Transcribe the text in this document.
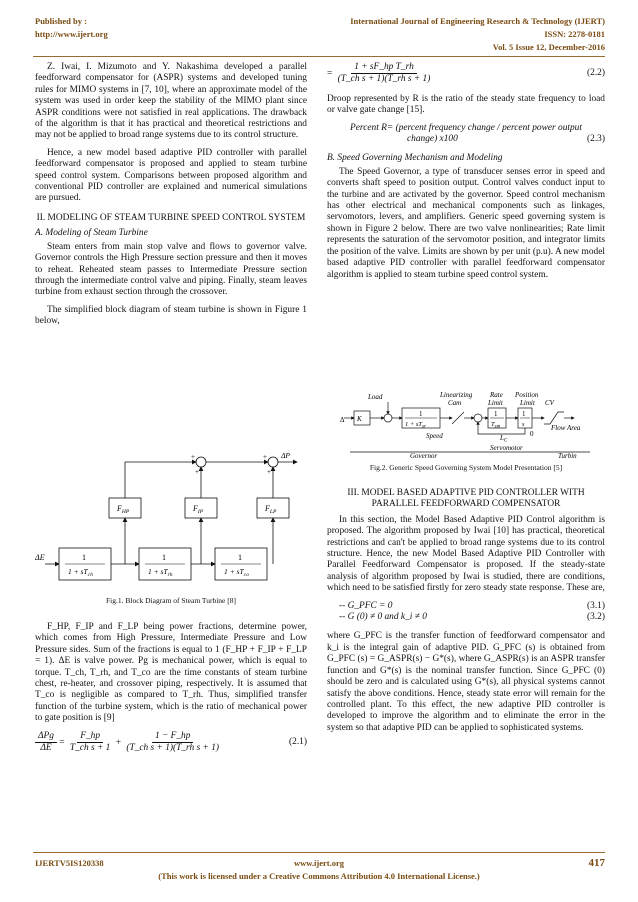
Published by :
http://www.ijert.org
International Journal of Engineering Research & Technology (IJERT)
ISSN: 2278-0181
Vol. 5 Issue 12, December-2016

Z. Iwai, I. Mizumoto and Y. Nakashima developed a parallel feedforward compensator for (ASPR) systems and developed tuning rules for MIMO systems in [7, 10], where an approximate model of the system was used in order keep the stability of the MIMO plant since ASPR conditions were not satisfied in real applications. The drawback of the algorithm is that it has practical and theoretical restrictions and may not be applied to broad range systems due to its control structure.

Hence, a new model based adaptive PID controller with parallel feedforward compensator is proposed and applied to steam turbine speed control system. Comparisons between proposed algorithm and conventional PID controller are explained and numerical simulations are pursued.

II. MODELING OF STEAM TURBINE SPEED CONTROL SYSTEM
A. Modeling of Steam Turbine

Steam enters from main stop valve and flows to governor valve. Governor controls the High Pressure section pressure and then it moves to reheat. Reheated steam passes to Intermediate Pressure section through the intermediate control valve and piping. Finally, steam leaves turbine from exhaust section through the crossover.

The simplified block diagram of steam turbine is shown in Figure 1 below,

ΔE
ΔP
+
+
+
+
$F_{HP}$	$F_{IP}$	$F_{LP}$
1
$1 + sT_{ch}$
1
$1 + sT_{rh}$
1
$1 + sT_{co}$
Fig.1. Block Diagram of Steam Turbine [8]

F_HP, F_IP and F_LP being power fractions, determine power, which comes from High Pressure, Intermediate Pressure and Low Pressure sides. Sum of the fractions is equal to 1 (F_HP + F_IP + F_LP = 1). ΔE is valve power. Pg is mechanical power, which is equal to torque. T_ch, T_rh, and T_co are the time constants of steam turbine chest, re-heater, and crossover piping, respectively. It is assumed that T_co is negligible as compared to T_rh. Thus, simplified transfer function of the turbine system, which is the ratio of mechanical power to gate position is [9]

$\frac{\text{ΔPg}}{\Delta E} = \frac{F\_hp}{\text{T\_ch s + 1}} + \frac{1 - F\_hp}{\text{(T\_ch s + 1)(T\_rh s + 1)}}$	(2.1)
= $\frac{\text{1 + sF\_hp T\_rh}}{\text{(T\_ch s + 1)(T\_rh s + 1)}}$	(2.2)

Droop represented by R is the ratio of the steady state frequency to load or valve gate change [15].

Percent R= (percent frequency change / percent power output
change) x100	(2.3)
B. Speed Governing Mechanism and Modeling

The Speed Governor, a type of transducer senses error in speed and converts shaft speed to position output. Control valves conduct input to the turbine and are activated by the governor. Speed control mechanism has other electrical and mechanical components such as linkages, servomotors, levers, and amplifiers. Generic speed governing system is shown in Figure 2 below. There are two valve nonlinearities; Rate limit represents the saturation of the servomotor position, and integrator limits the position of the valve. Limits are shown by per unit (p.u). A new model based adaptive PID controller with parallel feedforward compensator algorithm is applied to steam turbine speed control system.

Load	Linearizing
Cam
Rate
Limit
Position
Limit CV
Δ K
1
$1 + sT_{sr}$
1
$T_{sm}$
1
s
Speed	$L_C$
0
Flow Area
Governor
Servomotor
Turbin
Fig.2. Generic Speed Governing System Model Presentation [5]
III. MODEL BASED ADAPTIVE PID CONTROLLER WITH PARALLEL FEEDFORWARD COMPENSATOR

In this section, the Model Based Adaptive PID Control algorithm is proposed. The algorithm proposed by Iwai [10] has practical, theoretical restrictions and can't be applied to broad range systems due to its control structure. Hence, the new Model Based Adaptive PID Controller with Parallel Feedforward Compensator is proposed. If the steady-state analysis of algorithm proposed by Iwai is studied, there are conditions, which need to be satisfied firstly for zero steady state response. These are,

-- G_PFC = 0	(3.1)
-- G (0) ≠ 0 and k_i ≠ 0	(3.2)

where G_PFC is the transfer function of feedforward compensator and k_i is the integral gain of adaptive PID. G_PFC (s) is obtained from G_PFC (s) = G_ASPR(s) − G*(s), where G_ASPR(s) is an ASPR transfer function and G*(s) is the nominal transfer function. Since G_PFC (0) should be zero and is calculated using G*(s), all physical systems cannot satisfy the above conditions. Hence, steady state error will remain for the controlled plant. To this effect, the new adaptive PID controller is developed to improve the algorithm and to eliminate the error in the system so that adaptive PID can be applied to sophisticated systems.

IJERTV5IS120338	www.ijert.org	417
(This work is licensed under a Creative Commons Attribution 4.0 International License.)
